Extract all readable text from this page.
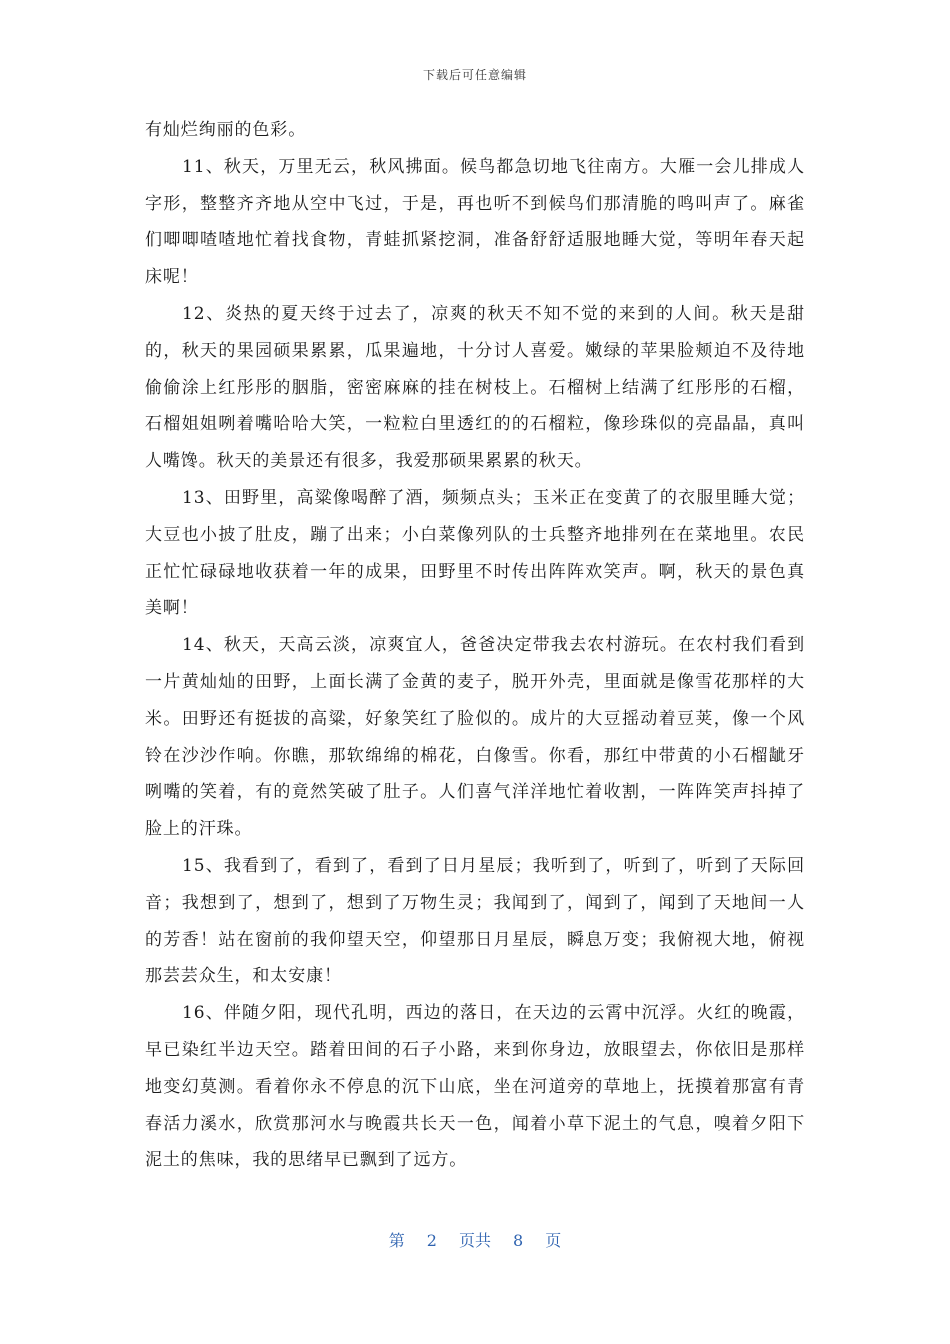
下载后可任意编辑

有灿烂绚丽的色彩。

11、秋天，万里无云，秋风拂面。候鸟都急切地飞往南方。大雁一会儿排成人字形，整整齐齐地从空中飞过，于是，再也听不到候鸟们那清脆的鸣叫声了。麻雀们唧唧喳喳地忙着找食物，青蛙抓紧挖洞，准备舒舒适服地睡大觉，等明年春天起床呢！

12、炎热的夏天终于过去了，凉爽的秋天不知不觉的来到的人间。秋天是甜的，秋天的果园硕果累累，瓜果遍地，十分讨人喜爱。嫩绿的苹果脸颊迫不及待地偷偷涂上红彤彤的胭脂，密密麻麻的挂在树枝上。石榴树上结满了红彤彤的石榴，石榴姐姐咧着嘴哈哈大笑，一粒粒白里透红的的石榴粒，像珍珠似的亮晶晶，真叫人嘴馋。秋天的美景还有很多，我爱那硕果累累的秋天。

13、田野里，高粱像喝醉了酒，频频点头；玉米正在变黄了的衣服里睡大觉；大豆也小披了肚皮，蹦了出来；小白菜像列队的士兵整齐地排列在在菜地里。农民正忙忙碌碌地收获着一年的成果，田野里不时传出阵阵欢笑声。啊，秋天的景色真美啊！

14、秋天，天高云淡，凉爽宜人，爸爸决定带我去农村游玩。在农村我们看到一片黄灿灿的田野，上面长满了金黄的麦子，脱开外壳，里面就是像雪花那样的大米。田野还有挺拔的高粱，好象笑红了脸似的。成片的大豆摇动着豆荚，像一个风铃在沙沙作响。你瞧，那软绵绵的棉花，白像雪。你看，那红中带黄的小石榴龇牙咧嘴的笑着，有的竟然笑破了肚子。人们喜气洋洋地忙着收割，一阵阵笑声抖掉了脸上的汗珠。

15、我看到了，看到了，看到了日月星辰；我听到了，听到了，听到了天际回音；我想到了，想到了，想到了万物生灵；我闻到了，闻到了，闻到了天地间一人的芳香！站在窗前的我仰望天空，仰望那日月星辰，瞬息万变；我俯视大地，俯视那芸芸众生，和太安康！

16、伴随夕阳，现代孔明，西边的落日，在天边的云霄中沉浮。火红的晚霞，早已染红半边天空。踏着田间的石子小路，来到你身边，放眼望去，你依旧是那样地变幻莫测。看着你永不停息的沉下山底，坐在河道旁的草地上，抚摸着那富有青春活力溪水，欣赏那河水与晚霞共长天一色，闻着小草下泥土的气息，嗅着夕阳下泥土的焦味，我的思绪早已飘到了远方。

第 2 页共 8 页
